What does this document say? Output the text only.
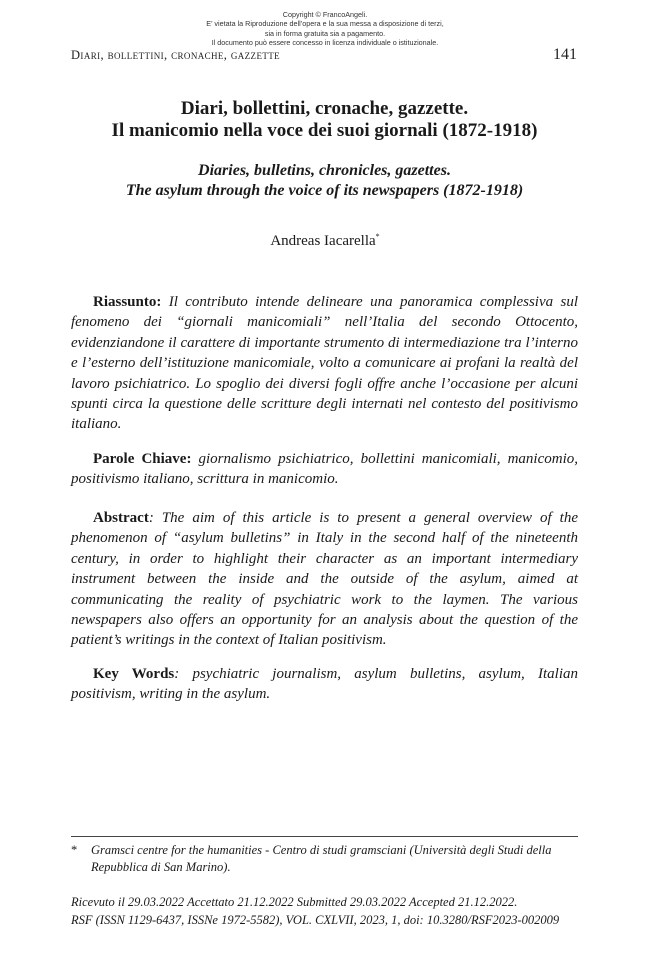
Copyright © FrancoAngeli.
E’ vietata la Riproduzione dell’opera e la sua messa a disposizione di terzi,
sia in forma gratuita sia a pagamento.
Il documento può essere concesso in licenza individuale o istituzionale.
Diari, bollettini, cronache, gazzette	141

Diari, bollettini, cronache, gazzette.

Il manicomio nella voce dei suoi giornali (1872-1918)

Diaries, bulletins, chronicles, gazettes.

The asylum through the voice of its newspapers (1872-1918)

Andreas Iacarella*

Riassunto: Il contributo intende delineare una panoramica complessiva sul fenomeno dei “giornali manicomiali” nell’Italia del secondo Ottocento, evidenziandone il carattere di importante strumento di intermediazione tra l’interno e l’esterno dell’istituzione manicomiale, volto a comunicare ai profani la realtà del lavoro psichiatrico. Lo spoglio dei diversi fogli offre anche l’occasione per alcuni spunti circa la questione delle scritture degli internati nel contesto del positivismo italiano.

Parole Chiave: giornalismo psichiatrico, bollettini manicomiali, manicomio, positivismo italiano, scrittura in manicomio.

Abstract: The aim of this article is to present a general overview of the phenomenon of “asylum bulletins” in Italy in the second half of the nineteenth century, in order to highlight their character as an important intermediary instrument between the inside and the outside of the asylum, aimed at communicating the reality of psychiatric work to the laymen. The various newspapers also offers an opportunity for an analysis about the question of the patient’s writings in the context of Italian positivism.

Key Words: psychiatric journalism, asylum bulletins, asylum, Italian positivism, writing in the asylum.

*	Gramsci centre for the humanities - Centro di studi gramsciani (Università degli Studi della Repubblica di San Marino).
Ricevuto il 29.03.2022 Accettato 21.12.2022 Submitted 29.03.2022 Accepted 21.12.2022.
RSF (ISSN 1129-6437, ISSNe 1972-5582), VOL. CXLVII, 2023, 1, doi: 10.3280/RSF2023-002009
